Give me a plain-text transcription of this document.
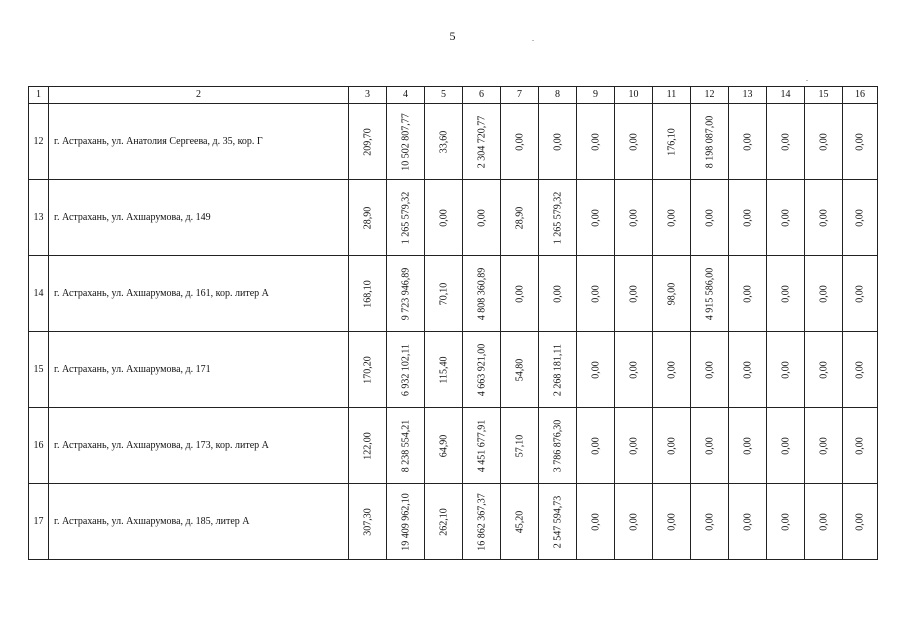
5
1	2	3	4	5	6	7	8	9	10	11	12	13	14	15	16
12	г. Астрахань, ул. Анатолия Сергеева, д. 35, кор. Г	209,70	10 502 807,77	33,60	2 304 720,77	0,00	0,00	0,00	0,00	176,10	8 198 087,00	0,00	0,00	0,00	0,00

13	г. Астрахань, ул. Ахшарумова, д. 149	28,90	1 265 579,32	0,00	0,00	28,90	1 265 579,32	0,00	0,00	0,00	0,00	0,00	0,00	0,00	0,00

14	г. Астрахань, ул. Ахшарумова, д. 161, кор. литер А	168,10	9 723 946,89	70,10	4 808 360,89	0,00	0,00	0,00	0,00	98,00	4 915 586,00	0,00	0,00	0,00	0,00

15	г. Астрахань, ул. Ахшарумова, д. 171	170,20	6 932 102,11	115,40	4 663 921,00	54,80	2 268 181,11	0,00	0,00	0,00	0,00	0,00	0,00	0,00	0,00

16	г. Астрахань, ул. Ахшарумова, д. 173, кор. литер А	122,00	8 238 554,21	64,90	4 451 677,91	57,10	3 786 876,30	0,00	0,00	0,00	0,00	0,00	0,00	0,00	0,00

17	г. Астрахань, ул. Ахшарумова, д. 185, литер А	307,30	19 409 962,10	262,10	16 862 367,37	45,20	2 547 594,73	0,00	0,00	0,00	0,00	0,00	0,00	0,00	0,00
